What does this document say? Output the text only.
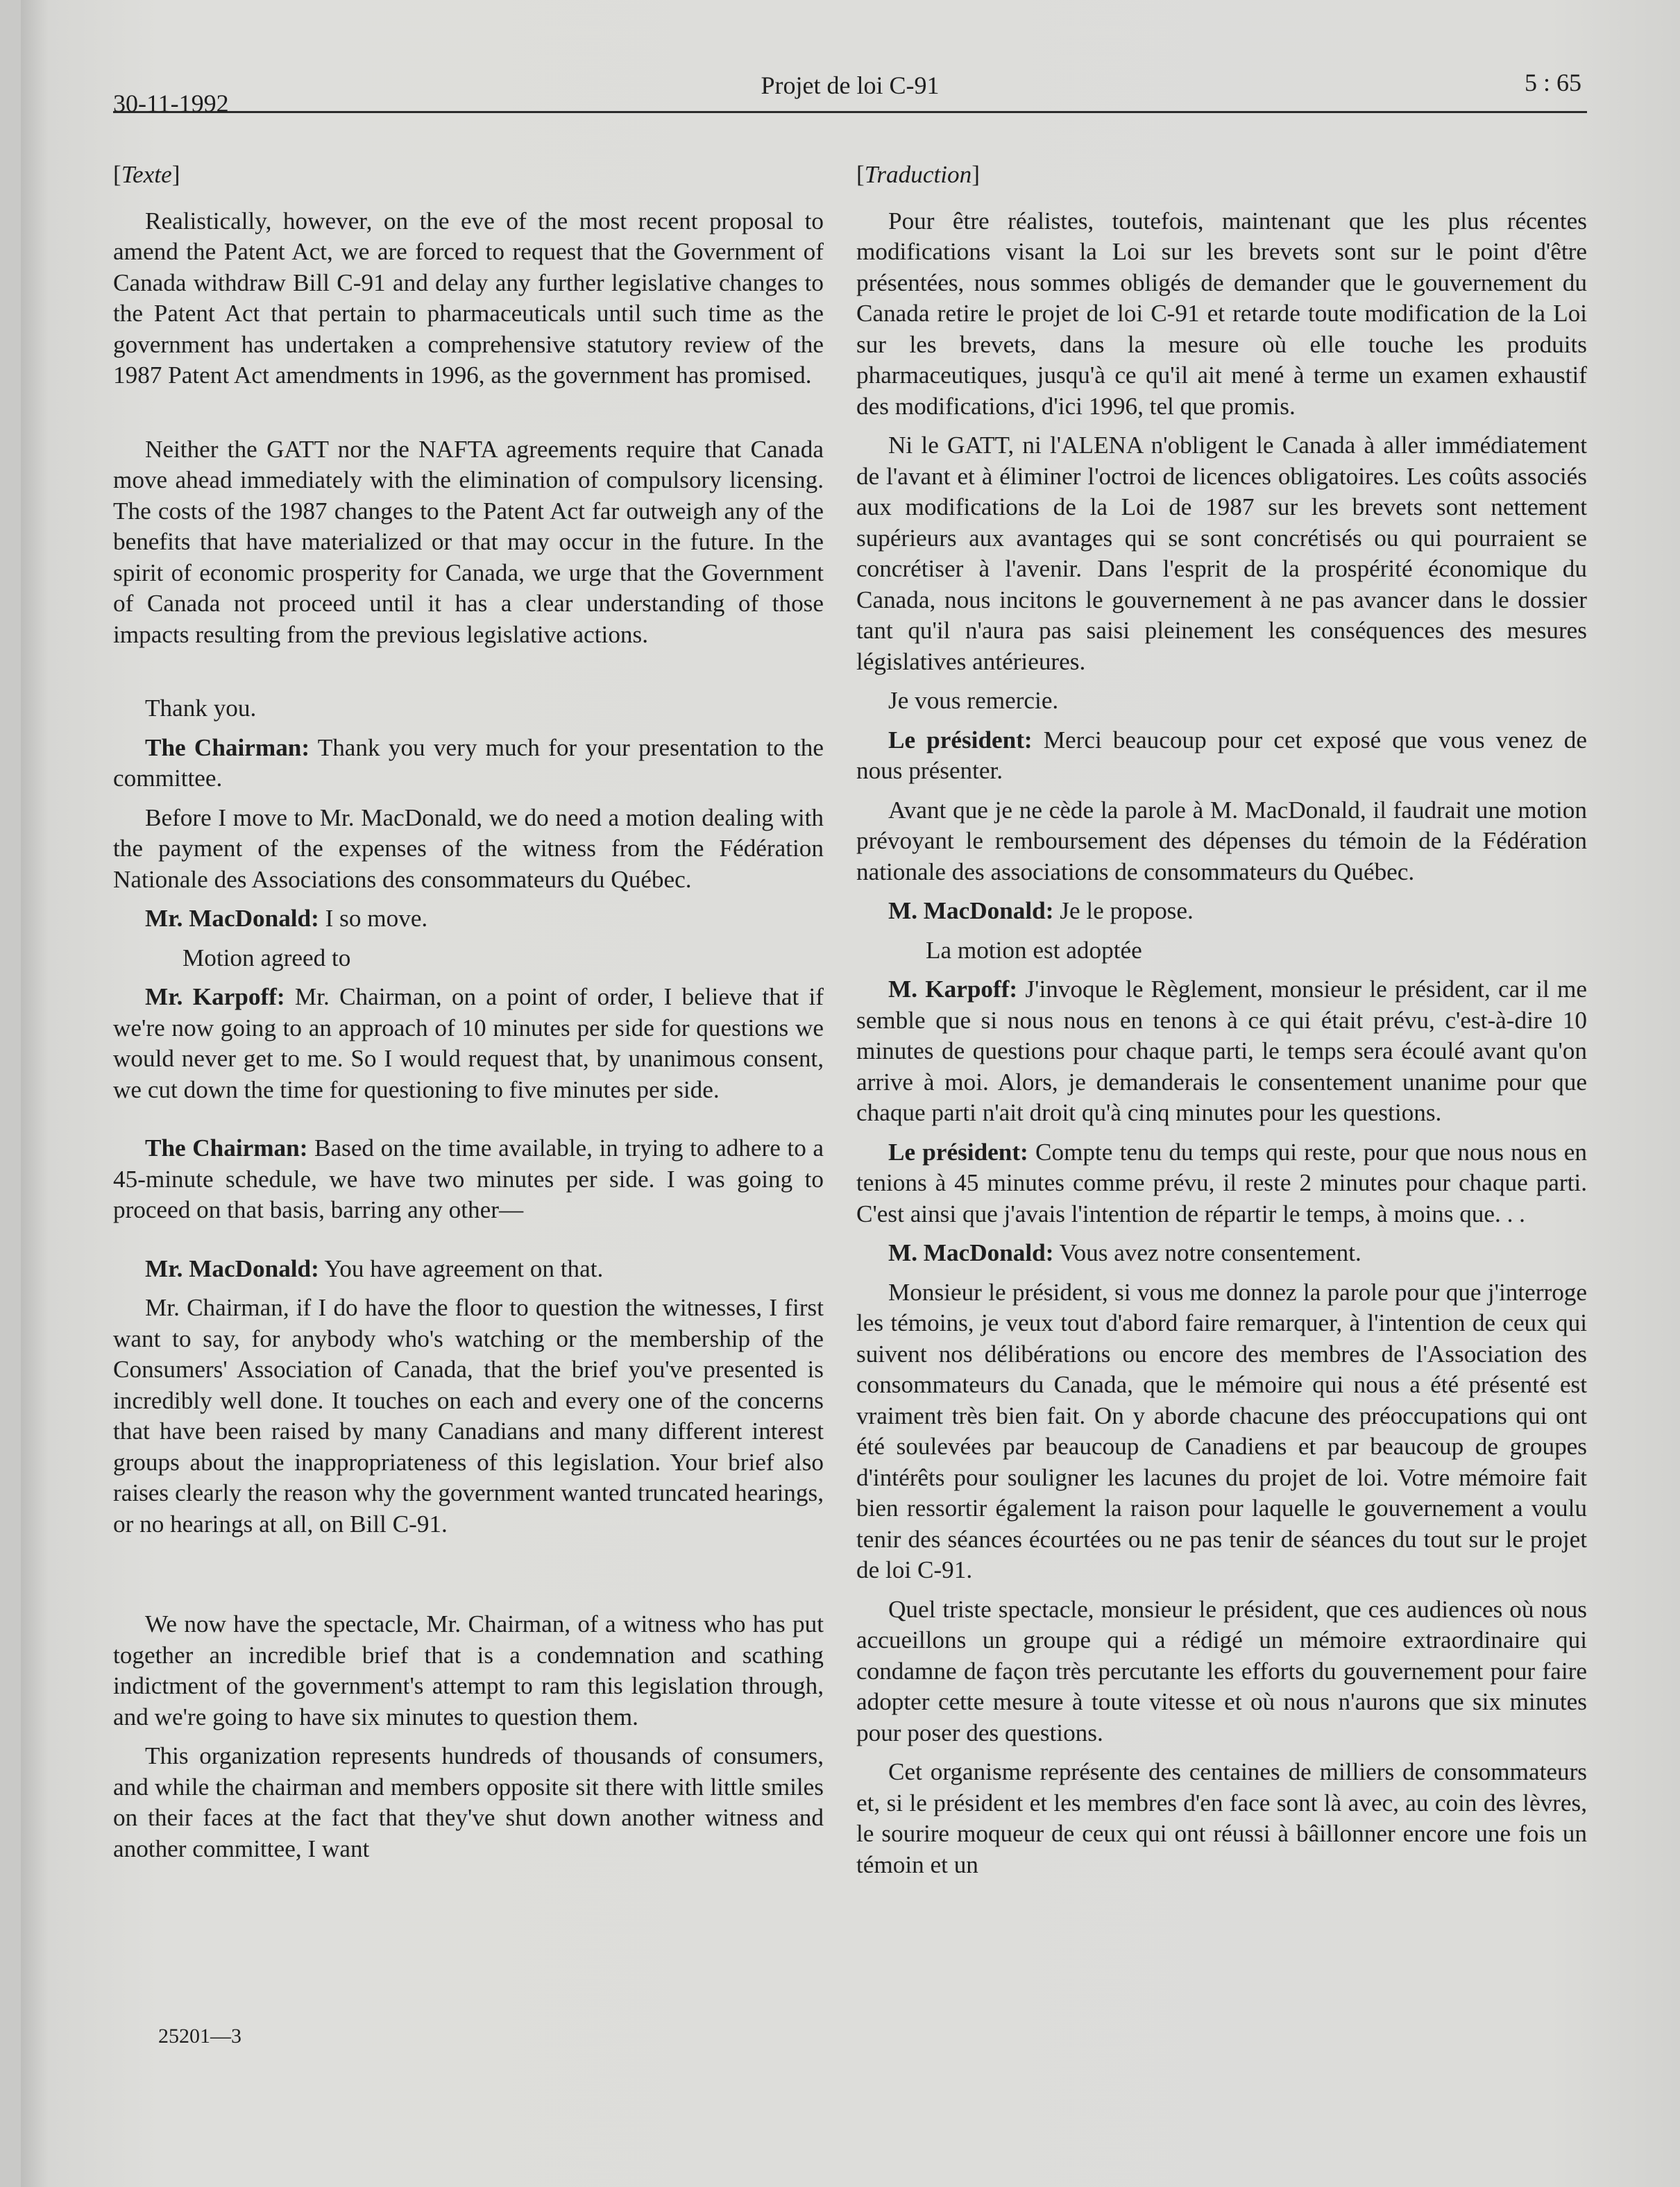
30-11-1992
Projet de loi C-91	5 : 65

[Texte]

Realistically, however, on the eve of the most recent proposal to amend the Patent Act, we are forced to request that the Government of Canada withdraw Bill C-91 and delay any further legislative changes to the Patent Act that pertain to pharmaceuticals until such time as the government has undertaken a comprehensive statutory review of the 1987 Patent Act amendments in 1996, as the government has promised.

Neither the GATT nor the NAFTA agreements require that Canada move ahead immediately with the elimination of compulsory licensing. The costs of the 1987 changes to the Patent Act far outweigh any of the benefits that have materialized or that may occur in the future. In the spirit of economic prosperity for Canada, we urge that the Government of Canada not proceed until it has a clear understanding of those impacts resulting from the previous legislative actions.

Thank you.

The Chairman: Thank you very much for your presentation to the committee.

Before I move to Mr. MacDonald, we do need a motion dealing with the payment of the expenses of the witness from the Fédération Nationale des Associations des consommateurs du Québec.

Mr. MacDonald: I so move.

Motion agreed to

Mr. Karpoff: Mr. Chairman, on a point of order, I believe that if we're now going to an approach of 10 minutes per side for questions we would never get to me. So I would request that, by unanimous consent, we cut down the time for questioning to five minutes per side.

The Chairman: Based on the time available, in trying to adhere to a 45-minute schedule, we have two minutes per side. I was going to proceed on that basis, barring any other—

Mr. MacDonald: You have agreement on that.

Mr. Chairman, if I do have the floor to question the witnesses, I first want to say, for anybody who's watching or the membership of the Consumers' Association of Canada, that the brief you've presented is incredibly well done. It touches on each and every one of the concerns that have been raised by many Canadians and many different interest groups about the inappropriateness of this legislation. Your brief also raises clearly the reason why the government wanted truncated hearings, or no hearings at all, on Bill C-91.

We now have the spectacle, Mr. Chairman, of a witness who has put together an incredible brief that is a condemnation and scathing indictment of the government's attempt to ram this legislation through, and we're going to have six minutes to question them.

This organization represents hundreds of thousands of consumers, and while the chairman and members opposite sit there with little smiles on their faces at the fact that they've shut down another witness and another committee, I want

[Traduction]

Pour être réalistes, toutefois, maintenant que les plus récentes modifications visant la Loi sur les brevets sont sur le point d'être présentées, nous sommes obligés de demander que le gouvernement du Canada retire le projet de loi C-91 et retarde toute modification de la Loi sur les brevets, dans la mesure où elle touche les produits pharmaceutiques, jusqu'à ce qu'il ait mené à terme un examen exhaustif des modifications, d'ici 1996, tel que promis.

Ni le GATT, ni l'ALENA n'obligent le Canada à aller immédiatement de l'avant et à éliminer l'octroi de licences obligatoires. Les coûts associés aux modifications de la Loi de 1987 sur les brevets sont nettement supérieurs aux avantages qui se sont concrétisés ou qui pourraient se concrétiser à l'avenir. Dans l'esprit de la prospérité économique du Canada, nous incitons le gouvernement à ne pas avancer dans le dossier tant qu'il n'aura pas saisi pleinement les conséquences des mesures législatives antérieures.

Je vous remercie.

Le président: Merci beaucoup pour cet exposé que vous venez de nous présenter.

Avant que je ne cède la parole à M. MacDonald, il faudrait une motion prévoyant le remboursement des dépenses du témoin de la Fédération nationale des associations de consommateurs du Québec.

M. MacDonald: Je le propose.

La motion est adoptée

M. Karpoff: J'invoque le Règlement, monsieur le président, car il me semble que si nous nous en tenons à ce qui était prévu, c'est-à-dire 10 minutes de questions pour chaque parti, le temps sera écoulé avant qu'on arrive à moi. Alors, je demanderais le consentement unanime pour que chaque parti n'ait droit qu'à cinq minutes pour les questions.

Le président: Compte tenu du temps qui reste, pour que nous nous en tenions à 45 minutes comme prévu, il reste 2 minutes pour chaque parti. C'est ainsi que j'avais l'intention de répartir le temps, à moins que. . .

M. MacDonald: Vous avez notre consentement.

Monsieur le président, si vous me donnez la parole pour que j'interroge les témoins, je veux tout d'abord faire remarquer, à l'intention de ceux qui suivent nos délibérations ou encore des membres de l'Association des consommateurs du Canada, que le mémoire qui nous a été présenté est vraiment très bien fait. On y aborde chacune des préoccupations qui ont été soulevées par beaucoup de Canadiens et par beaucoup de groupes d'intérêts pour souligner les lacunes du projet de loi. Votre mémoire fait bien ressortir également la raison pour laquelle le gouvernement a voulu tenir des séances écourtées ou ne pas tenir de séances du tout sur le projet de loi C-91.

Quel triste spectacle, monsieur le président, que ces audiences où nous accueillons un groupe qui a rédigé un mémoire extraordinaire qui condamne de façon très percutante les efforts du gouvernement pour faire adopter cette mesure à toute vitesse et où nous n'aurons que six minutes pour poser des questions.

Cet organisme représente des centaines de milliers de consommateurs et, si le président et les membres d'en face sont là avec, au coin des lèvres, le sourire moqueur de ceux qui ont réussi à bâillonner encore une fois un témoin et un

25201—3
